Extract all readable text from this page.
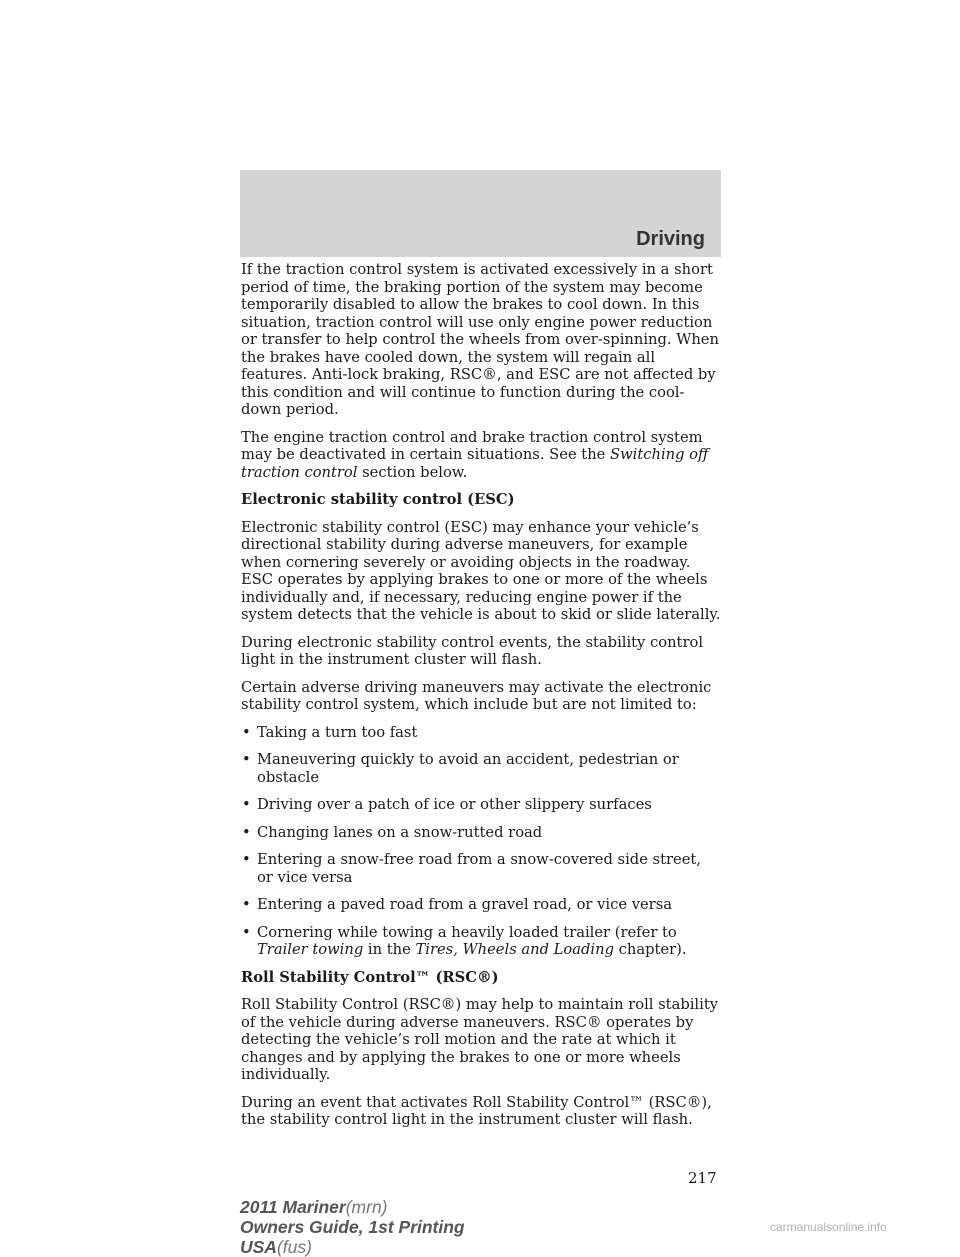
Driving

If the traction control system is activated excessively in a short period of time, the braking portion of the system may become temporarily disabled to allow the brakes to cool down. In this situation, traction control will use only engine power reduction or transfer to help control the wheels from over-spinning. When the brakes have cooled down, the system will regain all features. Anti-lock braking, RSC®, and ESC are not affected by this condition and will continue to function during the cool-down period.

The engine traction control and brake traction control system may be deactivated in certain situations. See the Switching off traction control section below.

Electronic stability control (ESC)

Electronic stability control (ESC) may enhance your vehicle’s directional stability during adverse maneuvers, for example when cornering severely or avoiding objects in the roadway. ESC operates by applying brakes to one or more of the wheels individually and, if necessary, reducing engine power if the system detects that the vehicle is about to skid or slide laterally.

During electronic stability control events, the stability control light in the instrument cluster will flash.

Certain adverse driving maneuvers may activate the electronic stability control system, which include but are not limited to:

• Taking a turn too fast
• Maneuvering quickly to avoid an accident, pedestrian or obstacle
• Driving over a patch of ice or other slippery surfaces
• Changing lanes on a snow-rutted road
• Entering a snow-free road from a snow-covered side street, or vice versa
• Entering a paved road from a gravel road, or vice versa
• Cornering while towing a heavily loaded trailer (refer to Trailer towing in the Tires, Wheels and Loading chapter).

Roll Stability Control™ (RSC®)

Roll Stability Control (RSC®) may help to maintain roll stability of the vehicle during adverse maneuvers. RSC® operates by detecting the vehicle’s roll motion and the rate at which it changes and by applying the brakes to one or more wheels individually.

During an event that activates Roll Stability Control™ (RSC®), the stability control light in the instrument cluster will flash.

217
2011 Mariner(mrn)
Owners Guide, 1st Printing
USA(fus)
carmanualsonline.info
